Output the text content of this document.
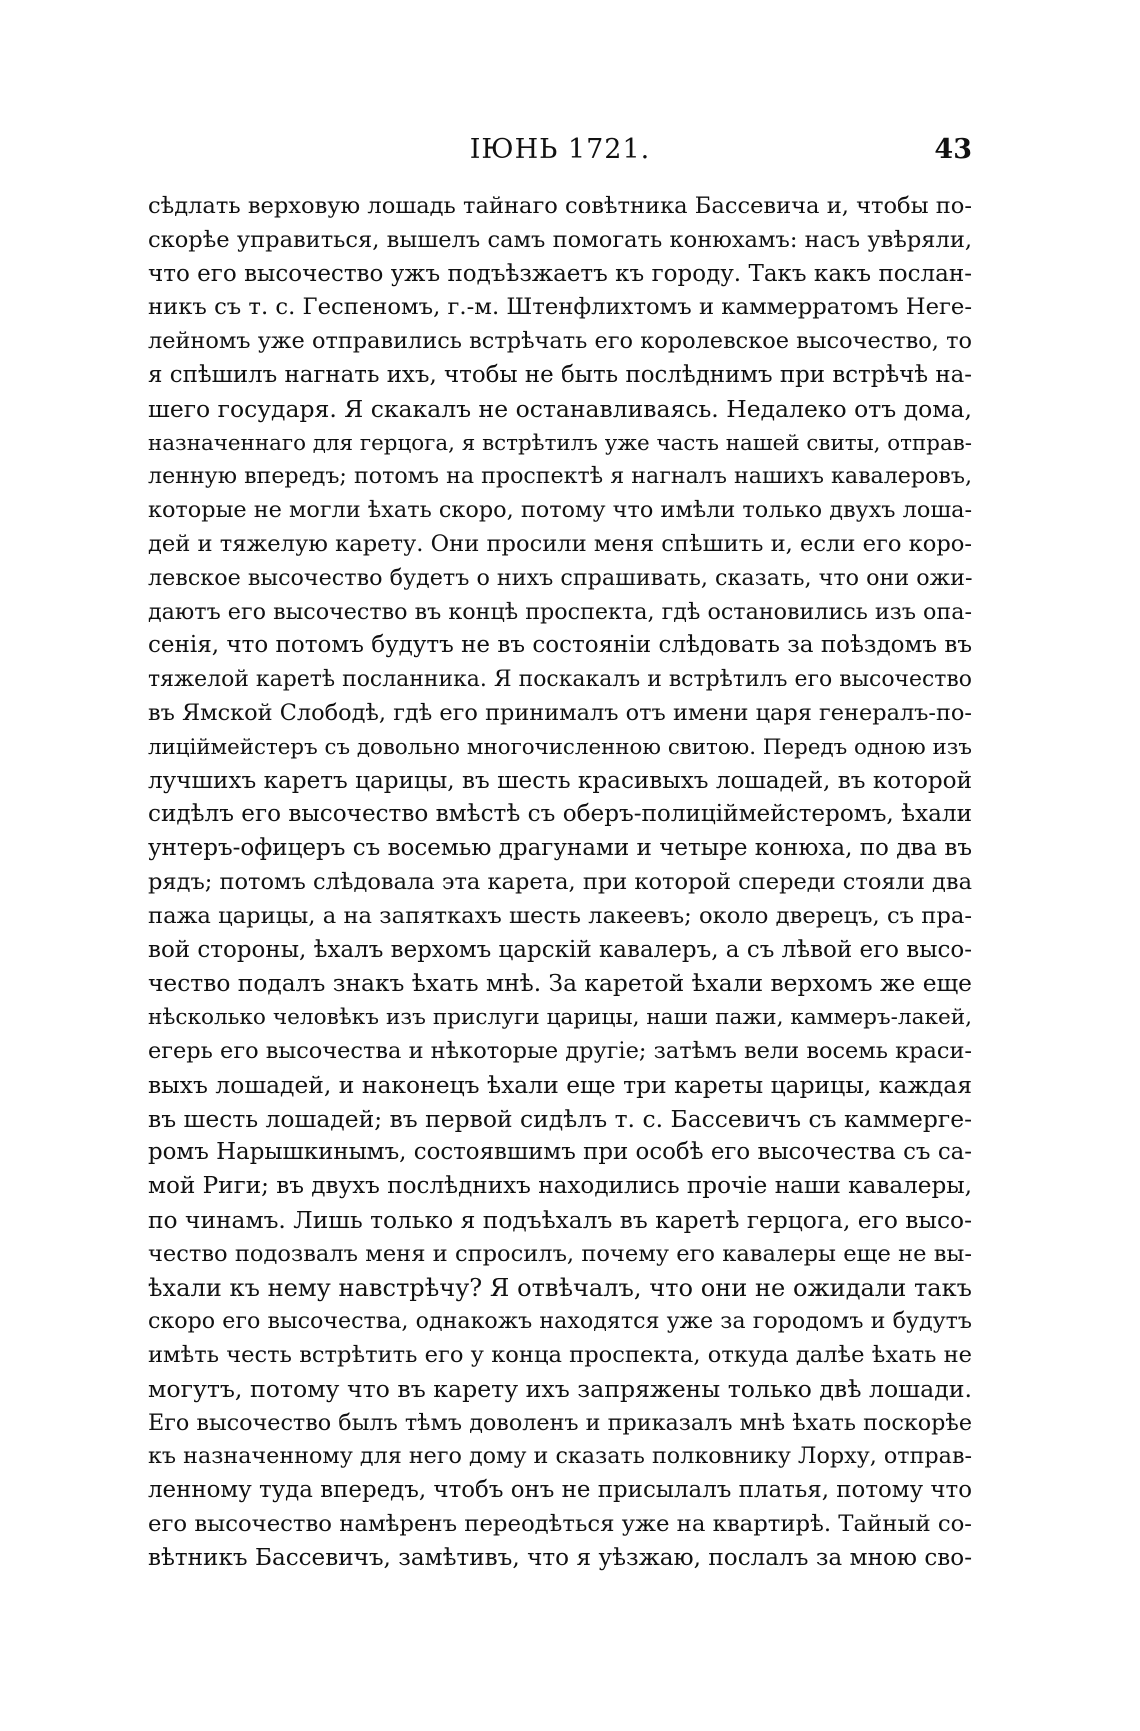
ІЮНЬ 1721.	43
сѣдлать верховую лошадь тайнаго совѣтника Бассевича и, чтобы по-
скорѣе управиться, вышелъ самъ помогать конюхамъ: насъ увѣряли,
что его высочество ужъ подъѣзжаетъ къ городу. Такъ какъ послан-
никъ съ т. с. Геспеномъ, г.-м. Штенфлихтомъ и каммерратомъ Неге-
лейномъ уже отправились встрѣчать его королевское высочество, то
я спѣшилъ нагнать ихъ, чтобы не быть послѣднимъ при встрѣчѣ на-
шего государя. Я скакалъ не останавливаясь. Недалеко отъ дома,
назначеннаго для герцога, я встрѣтилъ уже часть нашей свиты, отправ-
ленную впередъ; потомъ на проспектѣ я нагналъ нашихъ кавалеровъ,
которые не могли ѣхать скоро, потому что имѣли только двухъ лоша-
дей и тяжелую карету. Они просили меня спѣшить и, если его коро-
левское высочество будетъ о нихъ спрашивать, сказать, что они ожи-
даютъ его высочество въ концѣ проспекта, гдѣ остановились изъ опа-
сенія, что потомъ будутъ не въ состояніи слѣдовать за поѣздомъ въ
тяжелой каретѣ посланника. Я поскакалъ и встрѣтилъ его высочество
въ Ямской Слободѣ, гдѣ его принималъ отъ имени царя генералъ-по-
лиціймейстеръ съ довольно многочисленною свитою. Передъ одною изъ
лучшихъ каретъ царицы, въ шесть красивыхъ лошадей, въ которой
сидѣлъ его высочество вмѣстѣ съ оберъ-полиціймейстеромъ, ѣхали
унтеръ-офицеръ съ восемью драгунами и четыре конюха, по два въ
рядъ; потомъ слѣдовала эта карета, при которой спереди стояли два
пажа царицы, а на запяткахъ шесть лакеевъ; около дверецъ, съ пра-
вой стороны, ѣхалъ верхомъ царскій кавалеръ, а съ лѣвой его высо-
чество подалъ знакъ ѣхать мнѣ. За каретой ѣхали верхомъ же еще
нѣсколько человѣкъ изъ прислуги царицы, наши пажи, каммеръ-лакей,
егерь его высочества и нѣкоторые другіе; затѣмъ вели восемь краси-
выхъ лошадей, и наконецъ ѣхали еще три кареты царицы, каждая
въ шесть лошадей; въ первой сидѣлъ т. с. Бассевичъ съ каммерге-
ромъ Нарышкинымъ, состоявшимъ при особѣ его высочества съ са-
мой Риги; въ двухъ послѣднихъ находились прочіе наши кавалеры,
по чинамъ. Лишь только я подъѣхалъ въ каретѣ герцога, его высо-
чество подозвалъ меня и спросилъ, почему его кавалеры еще не вы-
ѣхали къ нему навстрѣчу? Я отвѣчалъ, что они не ожидали такъ
скоро его высочества, однакожъ находятся уже за городомъ и будутъ
имѣть честь встрѣтить его у конца проспекта, откуда далѣе ѣхать не
могутъ, потому что въ карету ихъ запряжены только двѣ лошади.
Его высочество былъ тѣмъ доволенъ и приказалъ мнѣ ѣхать поскорѣе
къ назначенному для него дому и сказать полковнику Лорху, отправ-
ленному туда впередъ, чтобъ онъ не присылалъ платья, потому что
его высочество намѣренъ переодѣться уже на квартирѣ. Тайный со-
вѣтникъ Бассевичъ, замѣтивъ, что я уѣзжаю, послалъ за мною сво-
